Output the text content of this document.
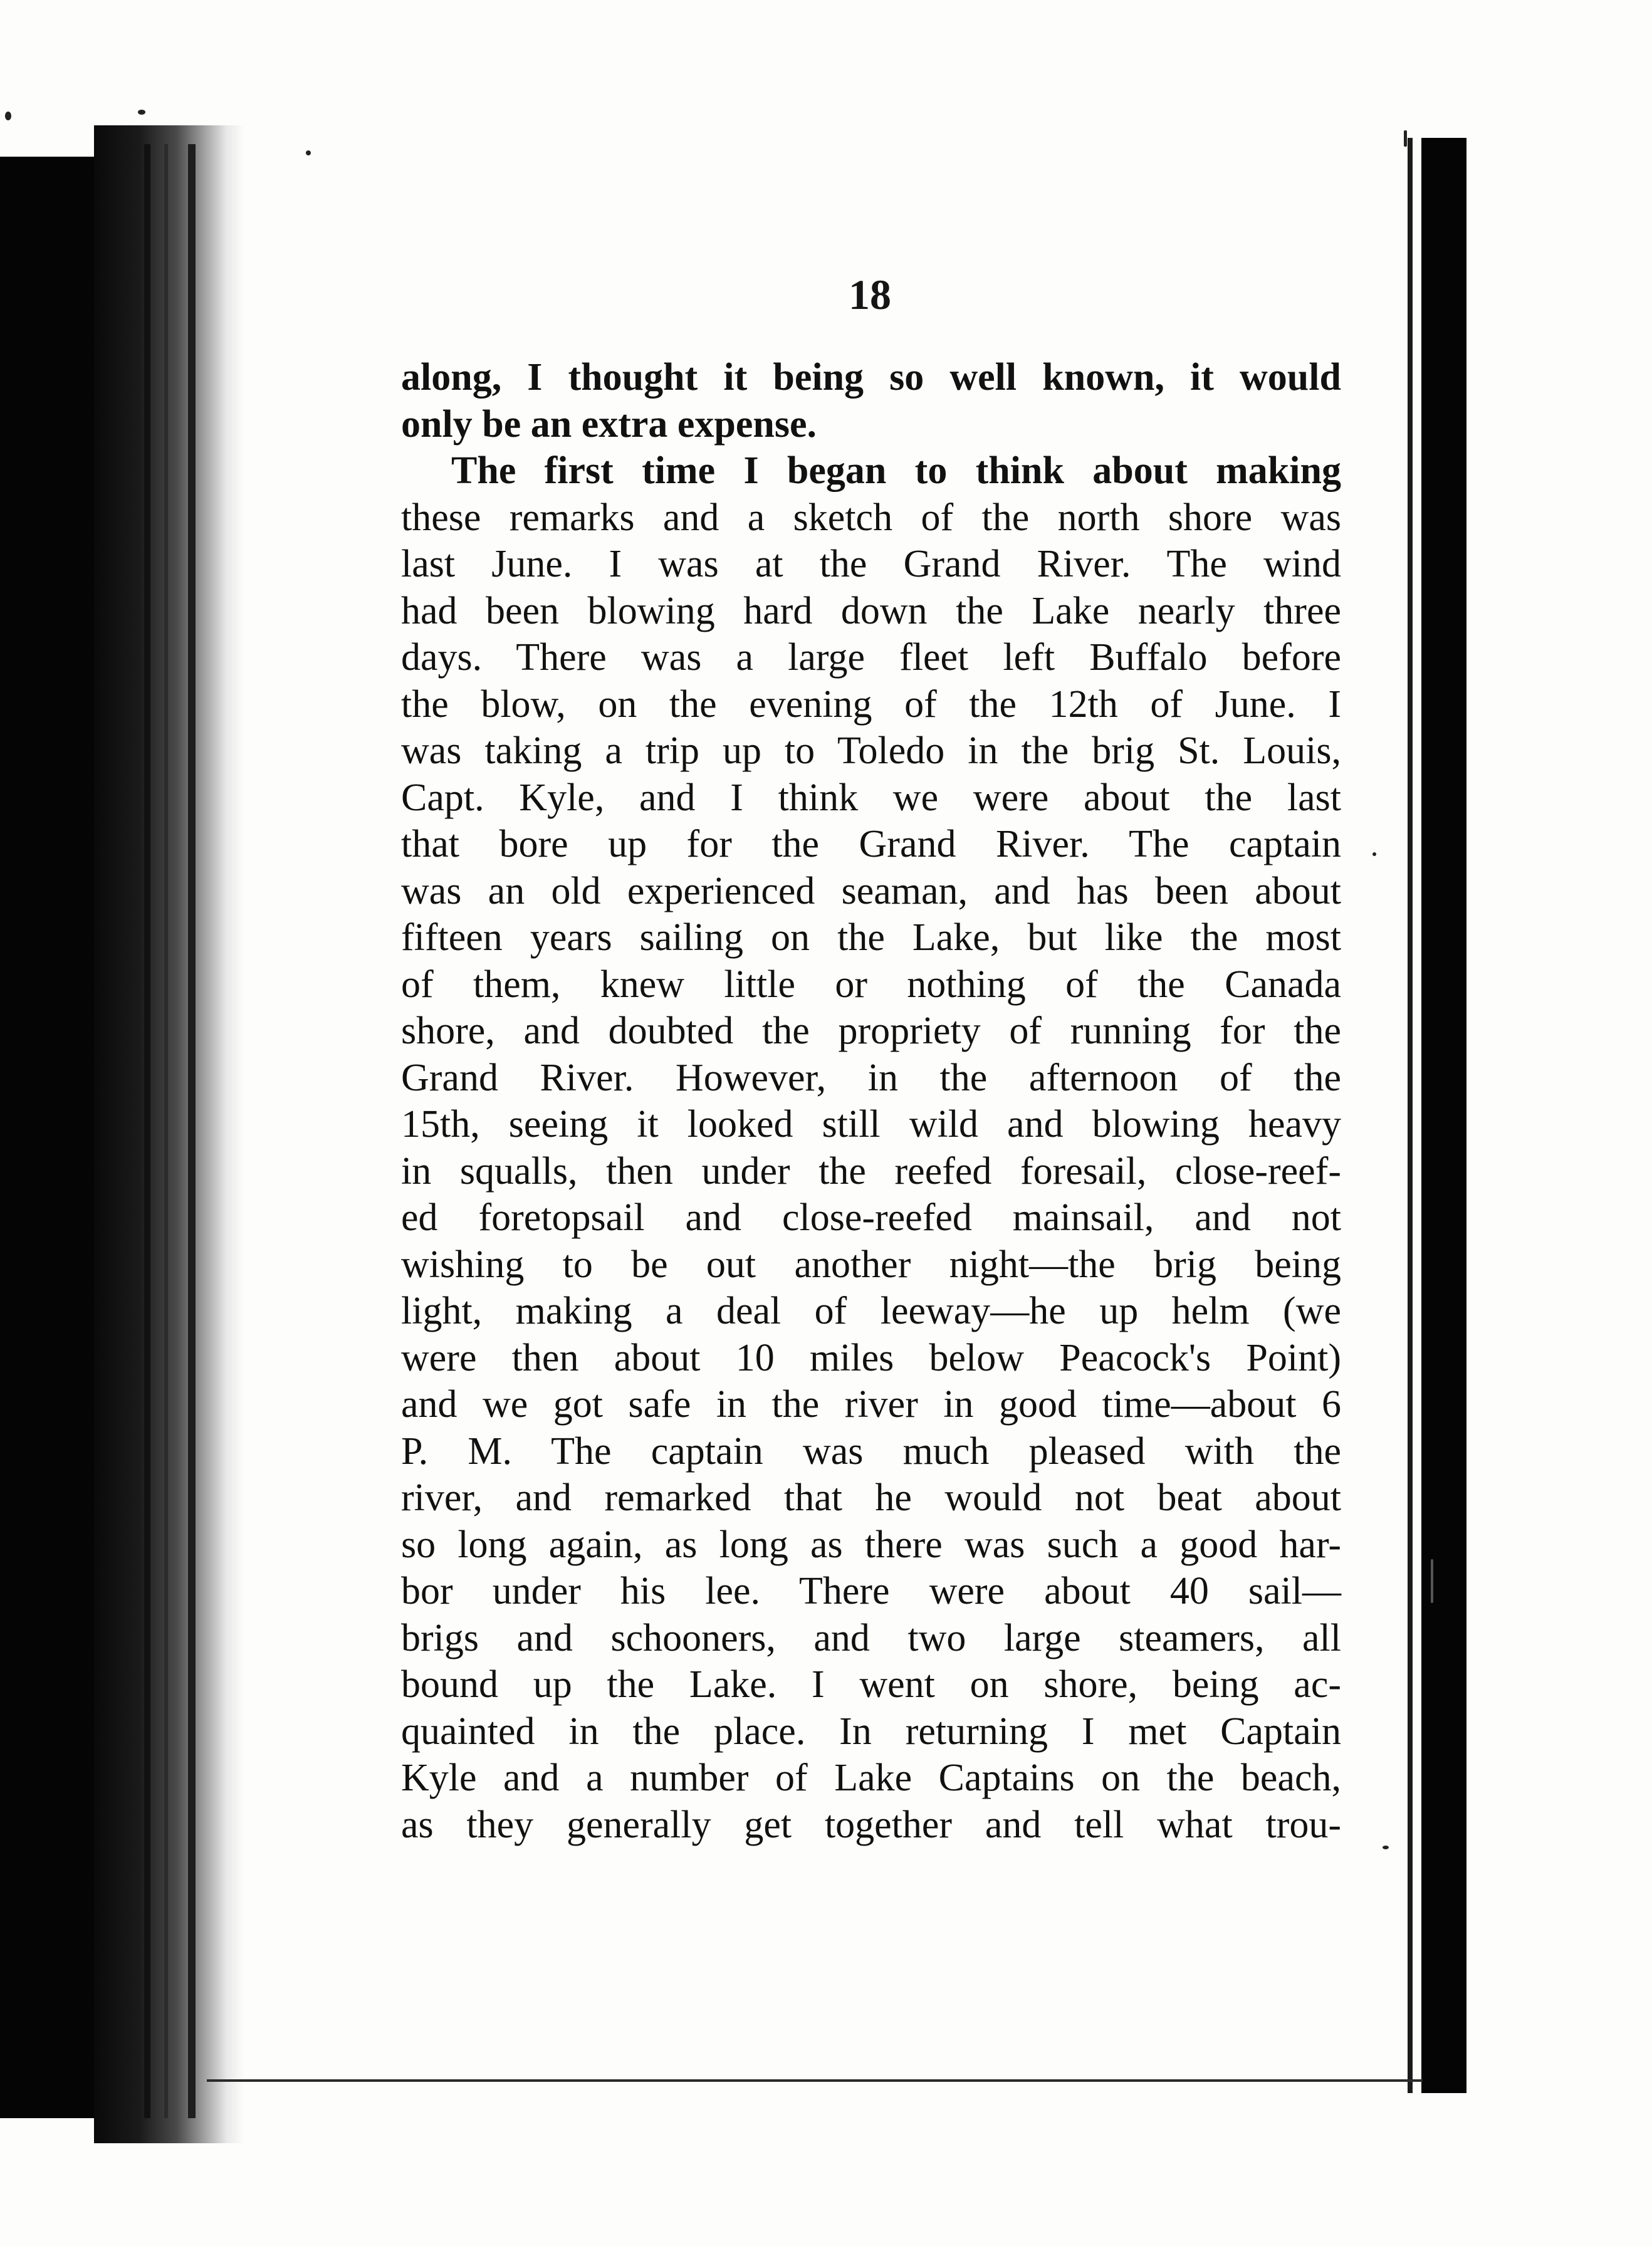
18
along, I thought it being so well known, it would
only be an extra expense.
The first time I began to think about making
these remarks and a sketch of the north shore was
last June. I was at the Grand River. The wind
had been blowing hard down the Lake nearly three
days. There was a large fleet left Buffalo before
the blow, on the evening of the 12th of June. I
was taking a trip up to Toledo in the brig St. Louis,
Capt. Kyle, and I think we were about the last
that bore up for the Grand River. The captain
was an old experienced seaman, and has been about
fifteen years sailing on the Lake, but like the most
of them, knew little or nothing of the Canada
shore, and doubted the propriety of running for the
Grand River. However, in the afternoon of the
15th, seeing it looked still wild and blowing heavy
in squalls, then under the reefed foresail, close-reef-
ed foretopsail and close-reefed mainsail, and not
wishing to be out another night—the brig being
light, making a deal of leeway—he up helm (we
were then about 10 miles below Peacock's Point)
and we got safe in the river in good time—about 6
P. M. The captain was much pleased with the
river, and remarked that he would not beat about
so long again, as long as there was such a good har-
bor under his lee. There were about 40 sail—
brigs and schooners, and two large steamers, all
bound up the Lake. I went on shore, being ac-
quainted in the place. In returning I met Captain
Kyle and a number of Lake Captains on the beach,
as they generally get together and tell what trou-
